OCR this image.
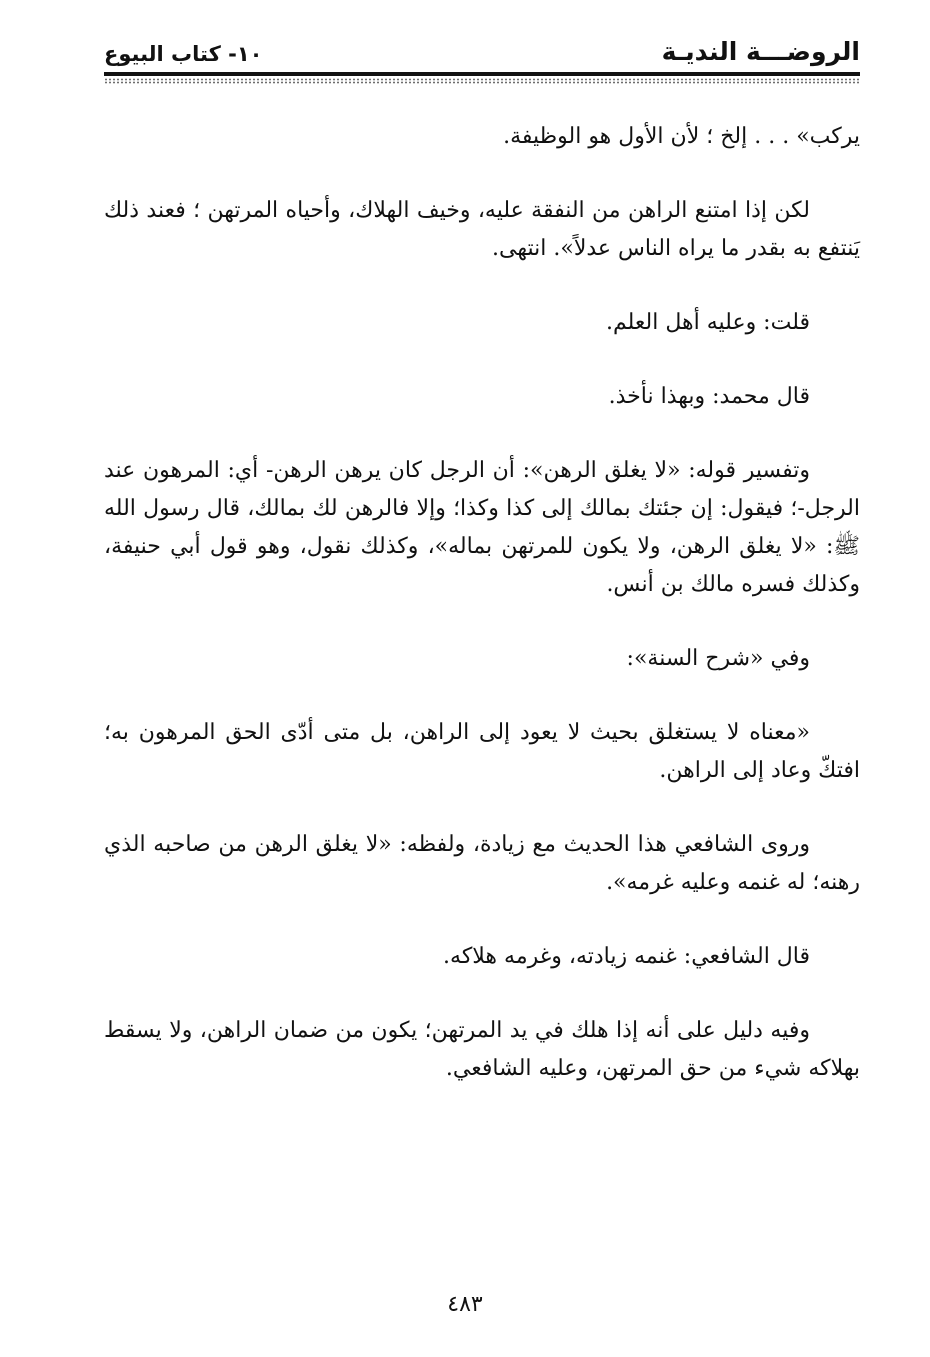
الروضـــة النديـة
١٠- كتاب البيوع

يركب» . . . إلخ ؛ لأن الأول هو الوظيفة.

لكن إذا امتنع الراهن من النفقة عليه، وخيف الهلاك، وأحياه المرتهن ؛ فعند ذلك يَنتفع به بقدر ما يراه الناس عدلاً». انتهى.

قلت: وعليه أهل العلم.

قال محمد: وبهذا نأخذ.

وتفسير قوله: «لا يغلق الرهن»: أن الرجل كان يرهن الرهن- أي: المرهون عند الرجل-؛ فيقول: إن جئتك بمالك إلى كذا وكذا؛ وإلا فالرهن لك بمالك، قال رسول الله ﷺ: «لا يغلق الرهن، ولا يكون للمرتهن بماله»، وكذلك نقول، وهو قول أبي حنيفة، وكذلك فسره مالك بن أنس.

وفي «شرح السنة»:

«معناه لا يستغلق بحيث لا يعود إلى الراهن، بل متى أدّى الحق المرهون به؛ افتكّ وعاد إلى الراهن.

وروى الشافعي هذا الحديث مع زيادة، ولفظه: «لا يغلق الرهن من صاحبه الذي رهنه؛ له غنمه وعليه غرمه».

قال الشافعي: غنمه زيادته، وغرمه هلاكه.

وفيه دليل على أنه إذا هلك في يد المرتهن؛ يكون من ضمان الراهن، ولا يسقط بهلاكه شيء من حق المرتهن، وعليه الشافعي.

٤٨٣
